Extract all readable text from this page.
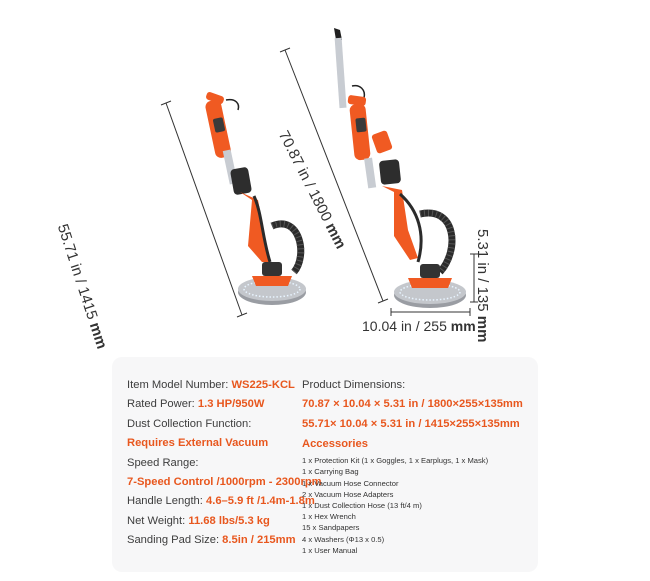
55.71 in / 1415 mm
70.87 in / 1800 mm	5.31 in / 135 mm
10.04 in / 255 mm
Item Model Number: WS225-KCL
Rated Power: 1.3 HP/950W
Dust Collection Function:
Requires External Vacuum
Speed Range:
7-Speed Control /1000rpm - 2300rpm
Handle Length: 4.6–5.9 ft /1.4m-1.8m
Net Weight: 11.68 lbs/5.3 kg
Sanding Pad Size: 8.5in / 215mm
Product Dimensions:
70.87 × 10.04 × 5.31 in / 1800×255×135mm
55.71× 10.04 × 5.31 in / 1415×255×135mm
Accessories
1 x Protection Kit (1 x Goggles, 1 x Earplugs, 1 x Mask)
1 x Carrying Bag
1 x Vacuum Hose Connector
2 x Vacuum Hose Adapters
1 x Dust Collection Hose (13 ft/4 m)
1 x Hex Wrench
15 x Sandpapers
4 x Washers (Φ13 x 0.5)
1 x User Manual
